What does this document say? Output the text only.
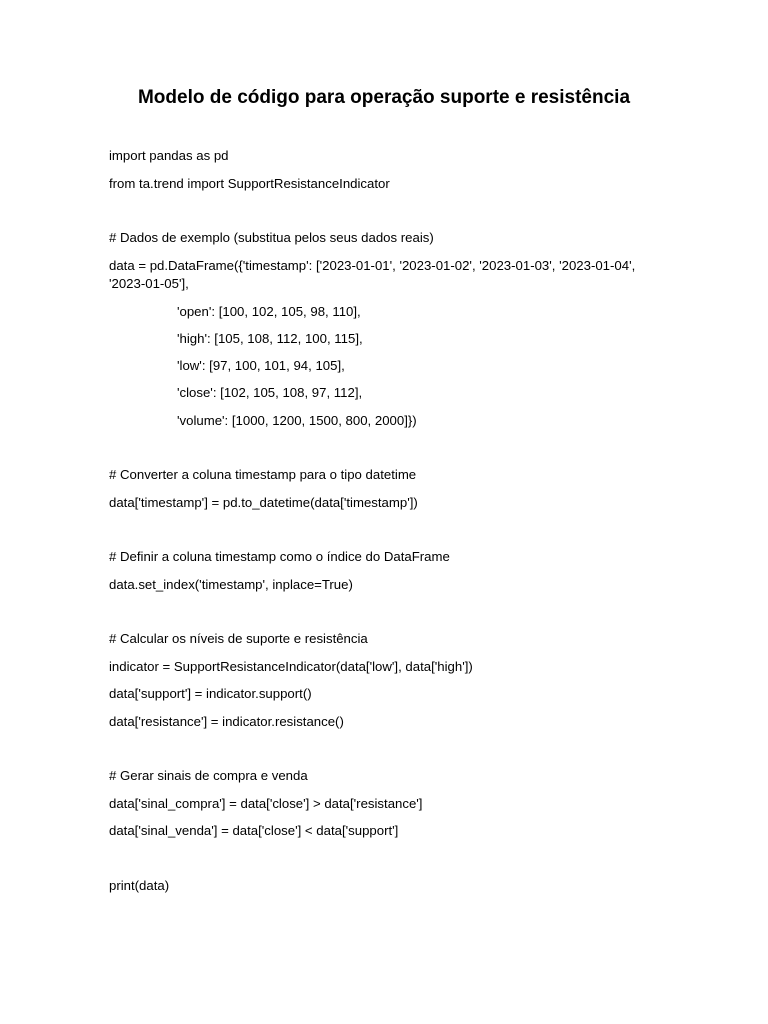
Modelo de código para operação suporte e resistência
import pandas as pd
from ta.trend import SupportResistanceIndicator
# Dados de exemplo (substitua pelos seus dados reais)
data = pd.DataFrame({'timestamp': ['2023-01-01', '2023-01-02', '2023-01-03', '2023-01-04',
'2023-01-05'],
'open': [100, 102, 105, 98, 110],
'high': [105, 108, 112, 100, 115],
'low': [97, 100, 101, 94, 105],
'close': [102, 105, 108, 97, 112],
'volume': [1000, 1200, 1500, 800, 2000]})
# Converter a coluna timestamp para o tipo datetime
data['timestamp'] = pd.to_datetime(data['timestamp'])
# Definir a coluna timestamp como o índice do DataFrame
data.set_index('timestamp', inplace=True)
# Calcular os níveis de suporte e resistência
indicator = SupportResistanceIndicator(data['low'], data['high'])
data['support'] = indicator.support()
data['resistance'] = indicator.resistance()
# Gerar sinais de compra e venda
data['sinal_compra'] = data['close'] > data['resistance']
data['sinal_venda'] = data['close'] < data['support']
print(data)
